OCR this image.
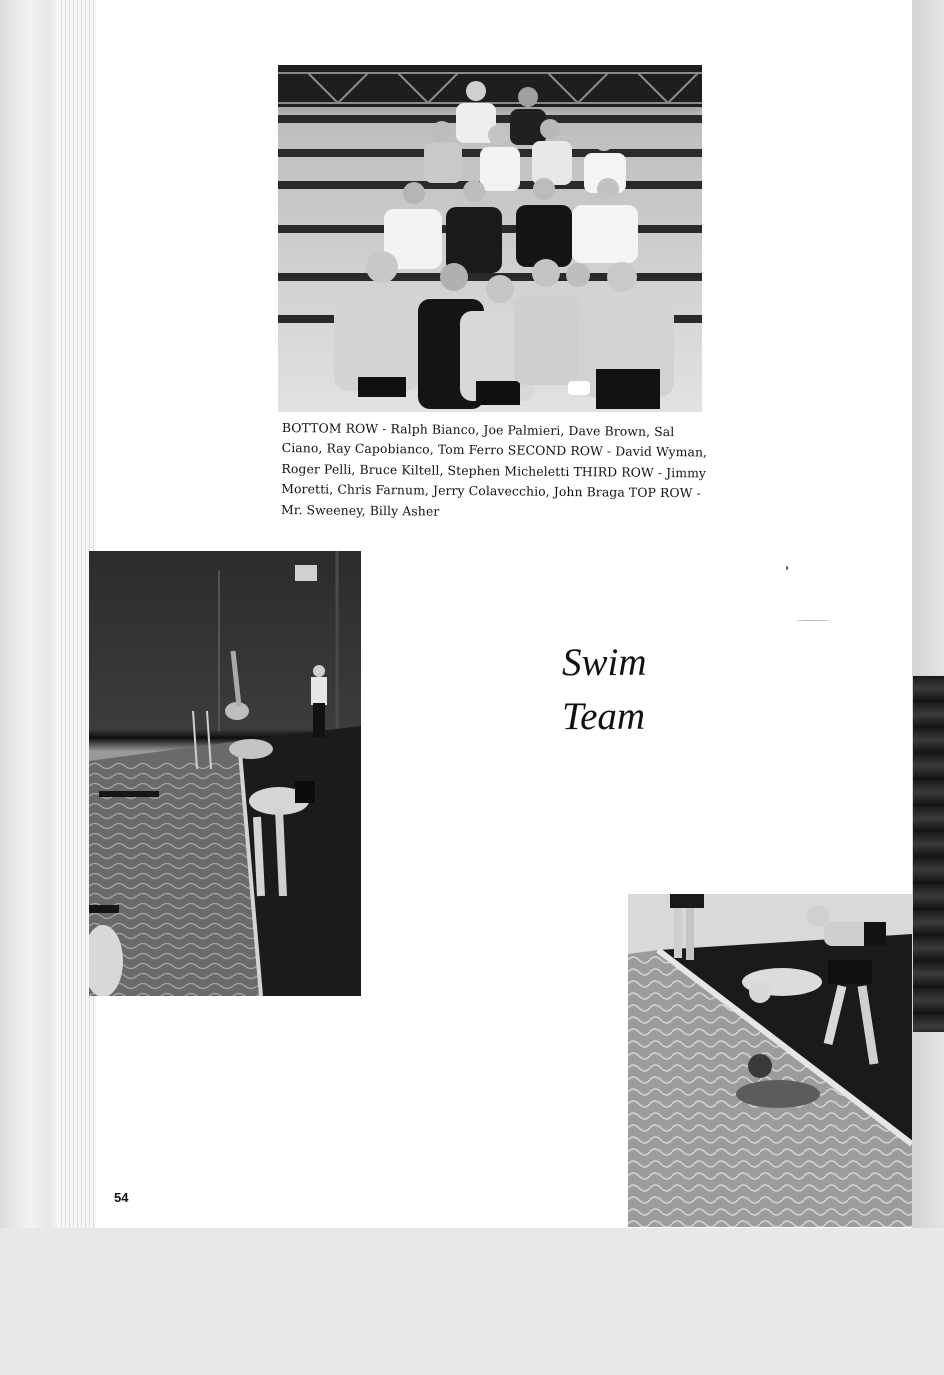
BOTTOM ROW - Ralph Bianco, Joe Palmieri, Dave Brown, Sal Ciano, Ray Capobianco, Tom Ferro SECOND ROW - David Wyman, Roger Pelli, Bruce Kiltell, Stephen Micheletti THIRD ROW - Jimmy Moretti, Chris Farnum, Jerry Colavecchio, John Braga TOP ROW - Mr. Sweeney, Billy Asher
Swim
Team
54
